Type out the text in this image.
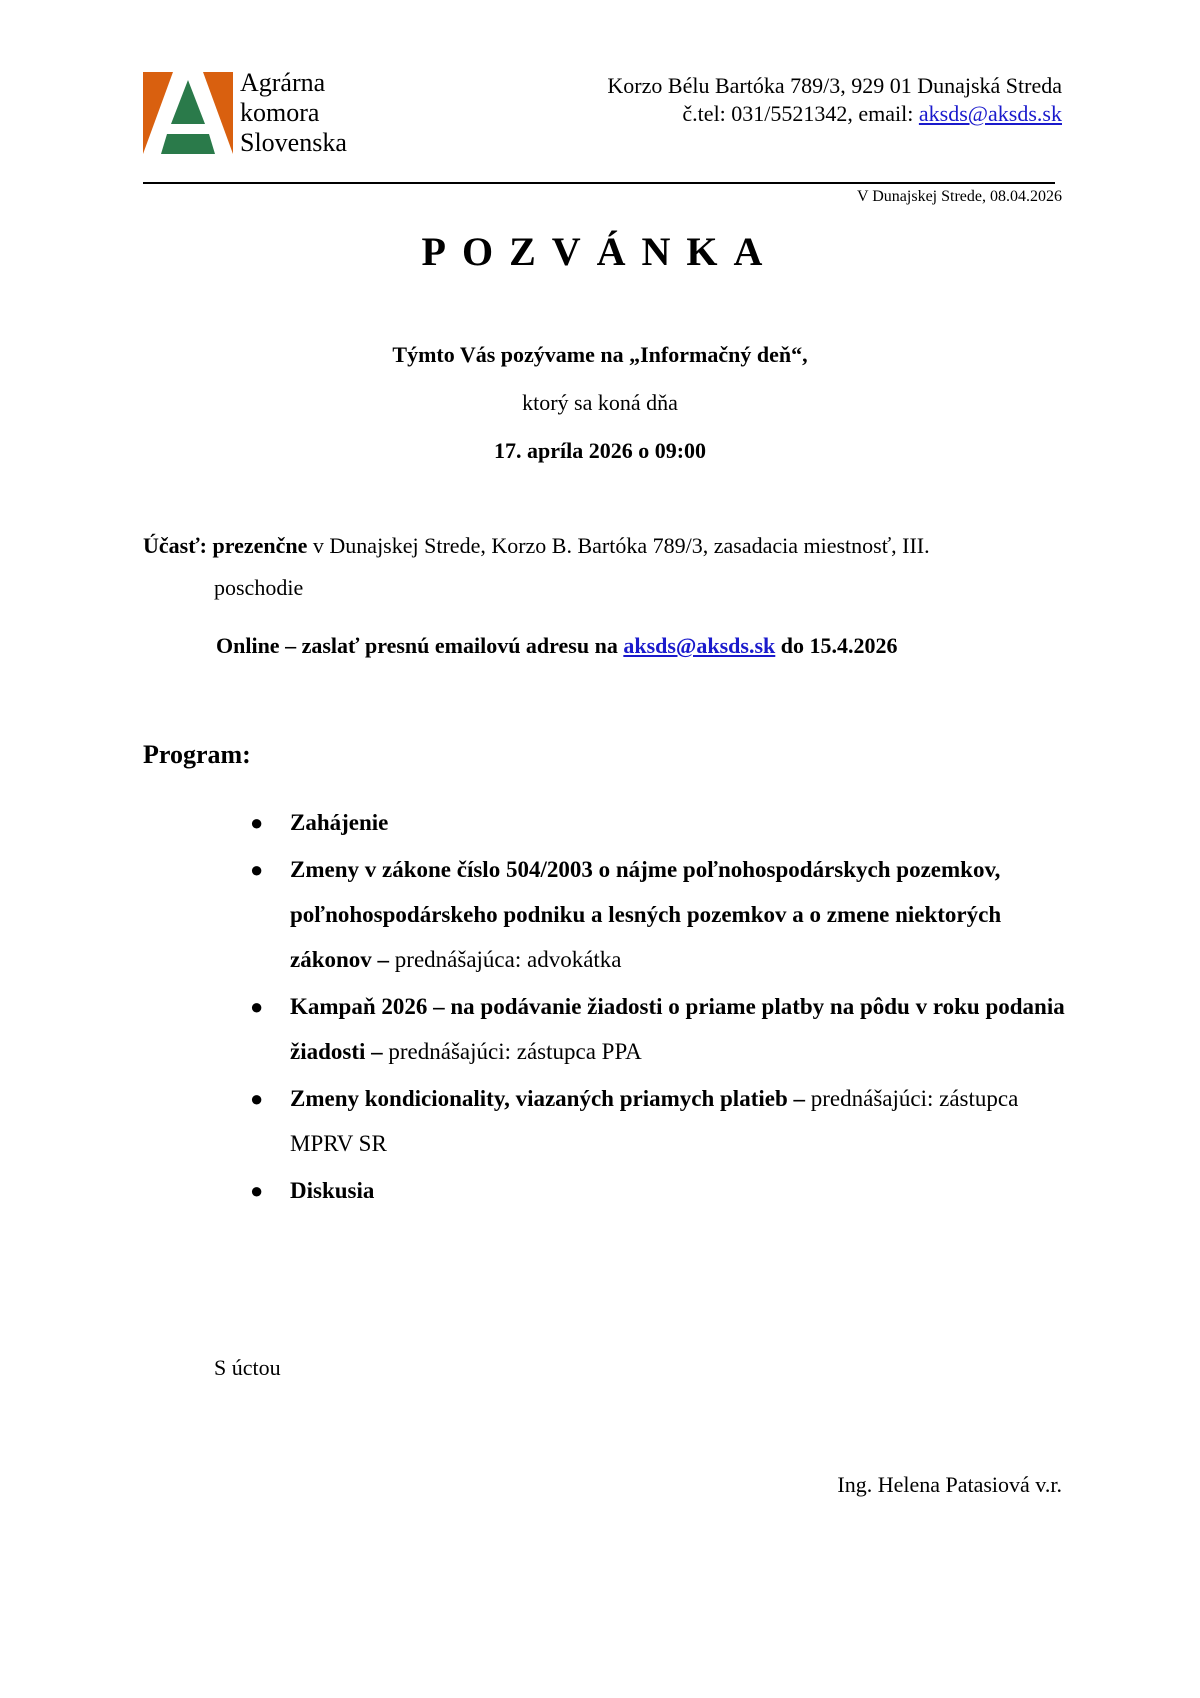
Agrárna
komora
Slovenska
Korzo Bélu Bartóka 789/3, 929 01 Dunajská Streda
č.tel: 031/5521342, email: aksds@aksds.sk
V Dunajskej Strede, 08.04.2026
POZVÁNKA
Týmto Vás pozývame na „Informačný deň“,
ktorý sa koná dňa
17. apríla 2026 o 09:00
Účasť: prezenčne v Dunajskej Strede, Korzo B. Bartóka 789/3, zasadacia miestnosť, III.
poschodie
Online – zaslať presnú emailovú adresu na aksds@aksds.sk do 15.4.2026
Program:
● Zahájenie
● Zmeny v zákone číslo 504/2003 o nájme poľnohospodárskych pozemkov, poľnohospodárskeho podniku a lesných pozemkov a o zmene niektorých zákonov – prednášajúca: advokátka
● Kampaň 2026 – na podávanie žiadosti o priame platby na pôdu v roku podania žiadosti – prednášajúci: zástupca PPA
● Zmeny kondicionality, viazaných priamych platieb – prednášajúci: zástupca MPRV SR
● Diskusia
S úctou
Ing. Helena Patasiová v.r.
